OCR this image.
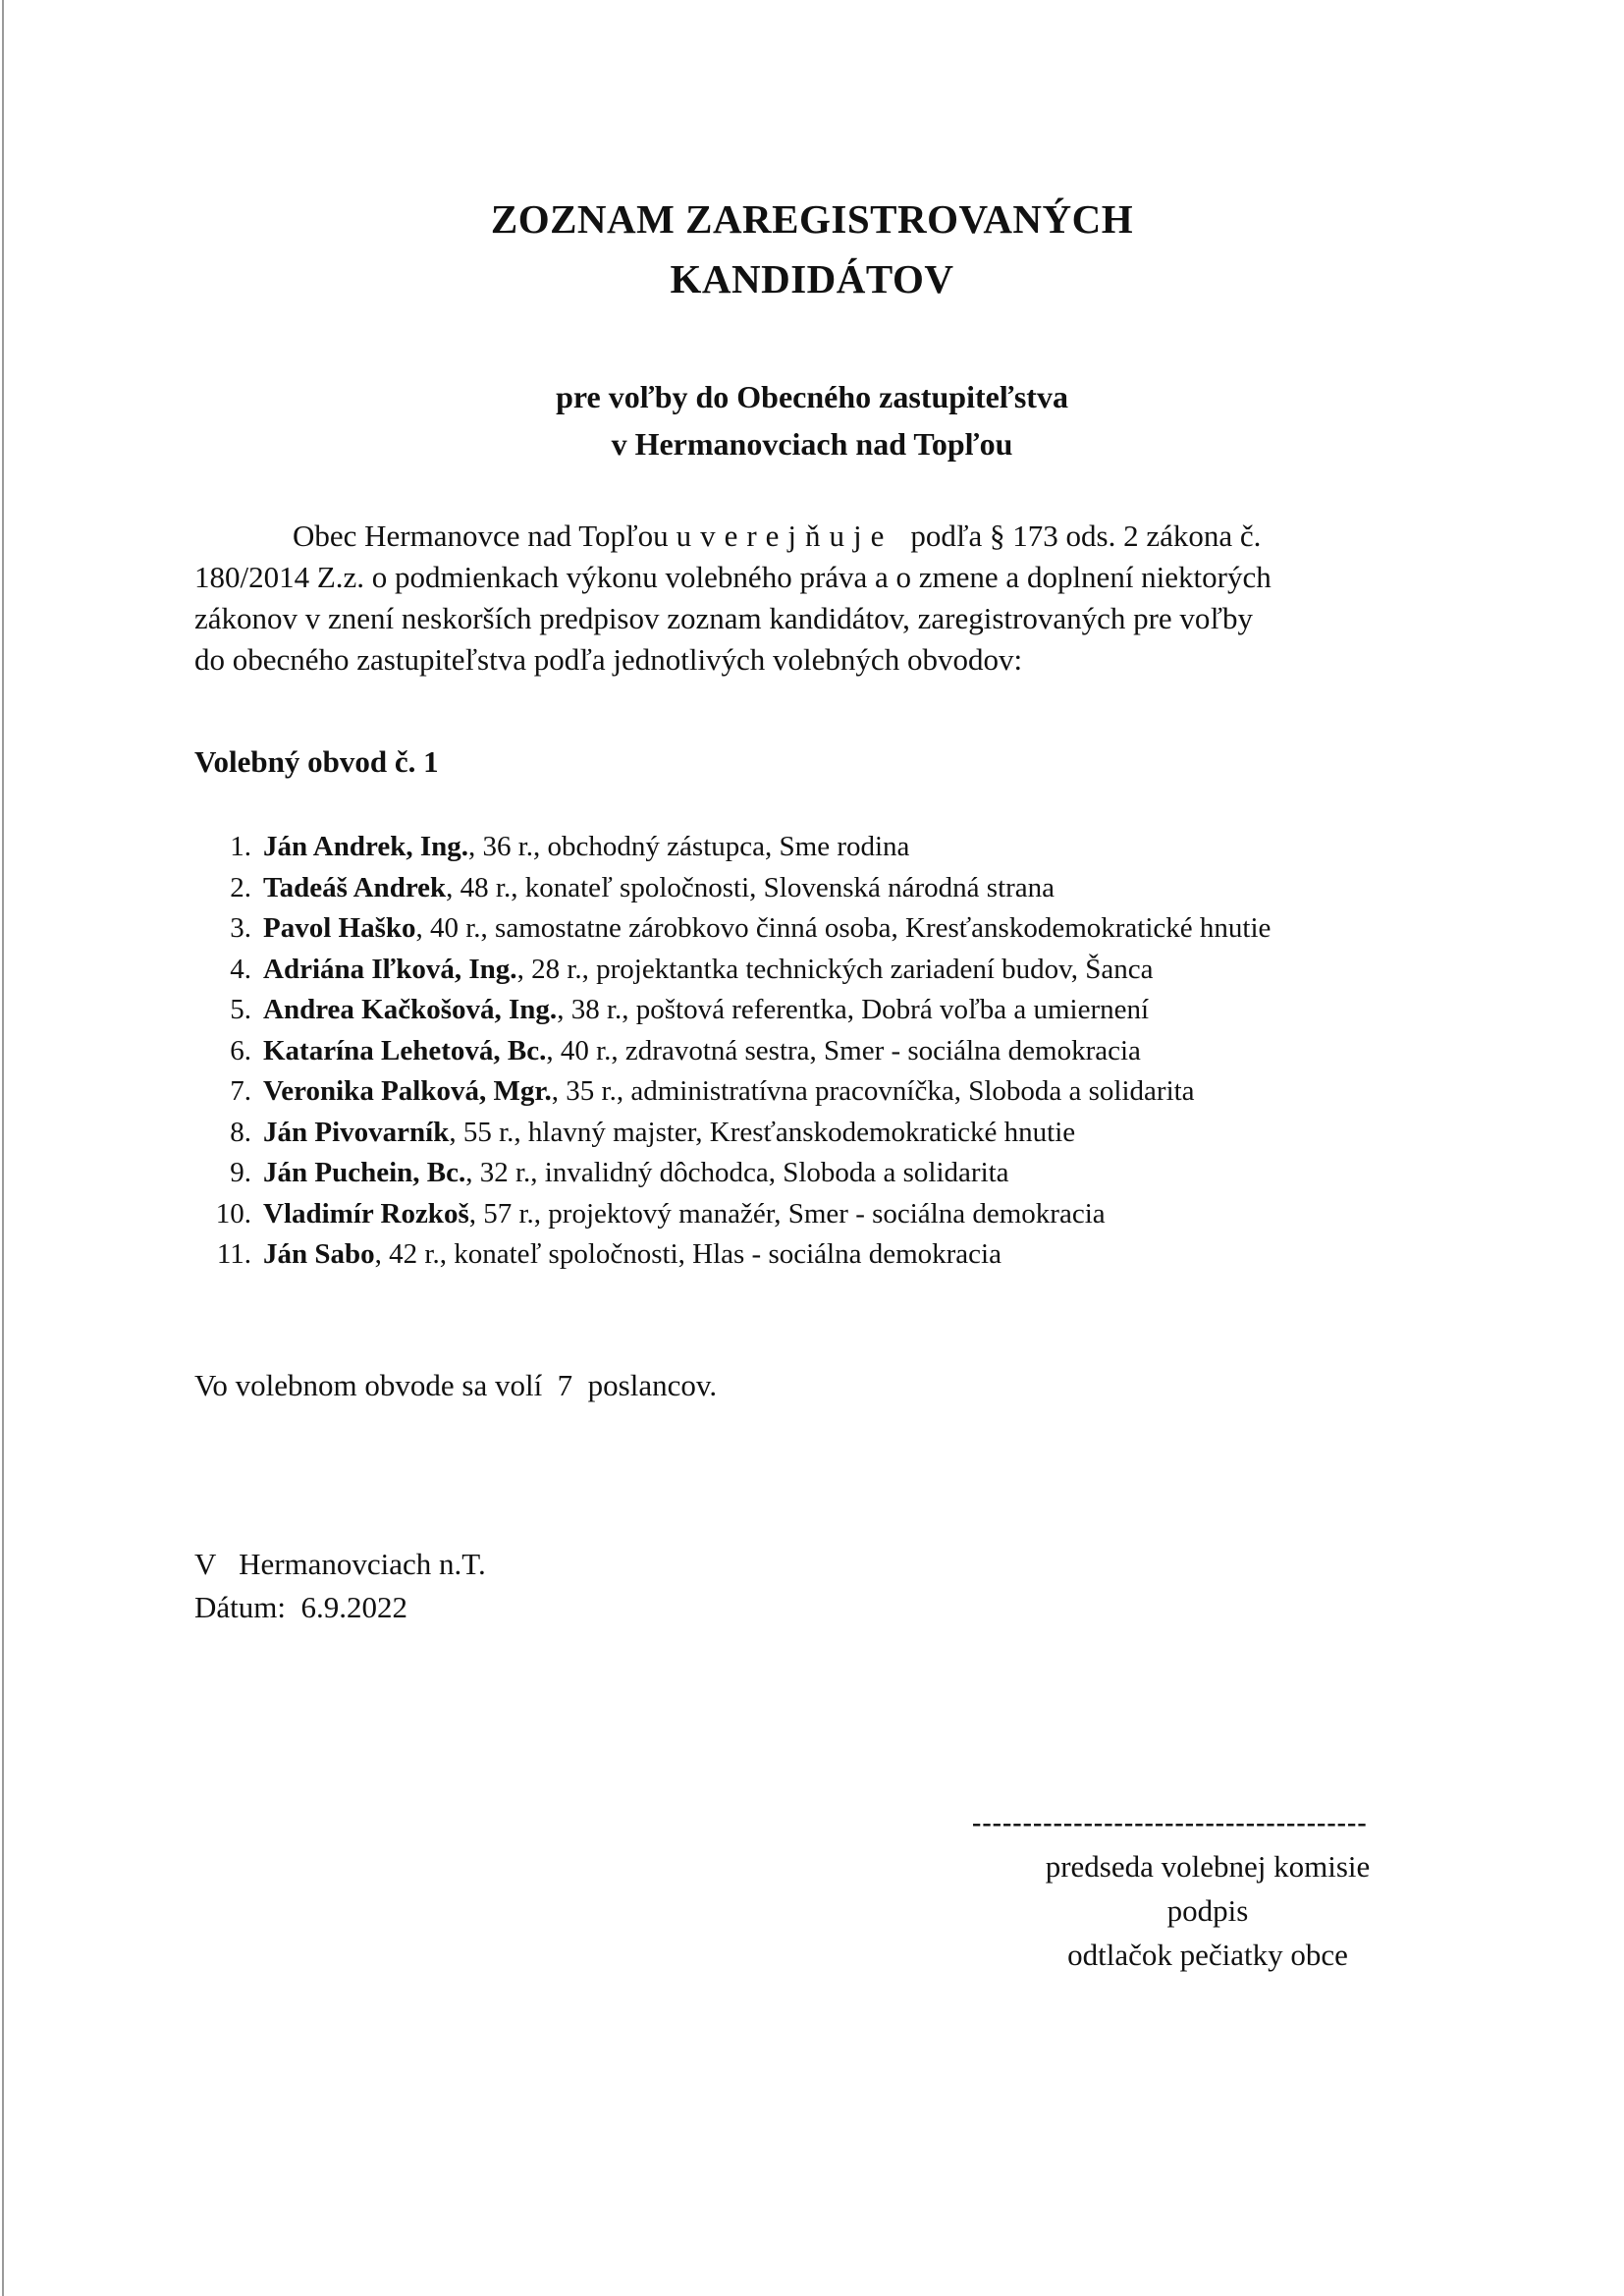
ZOZNAM ZAREGISTROVANÝCH
KANDIDÁTOV
pre voľby do Obecného zastupiteľstva
v Hermanovciach nad Topľou
Obec Hermanovce nad Topľou uverejňuje podľa § 173 ods. 2 zákona č.
180/2014 Z.z. o podmienkach výkonu volebného práva a o zmene a doplnení niektorých
zákonov v znení neskorších predpisov zoznam kandidátov, zaregistrovaných pre voľby
do obecného zastupiteľstva podľa jednotlivých volebných obvodov:
Volebný obvod č. 1
1. Ján Andrek, Ing., 36 r., obchodný zástupca, Sme rodina
2. Tadeáš Andrek, 48 r., konateľ spoločnosti, Slovenská národná strana
3. Pavol Haško, 40 r., samostatne zárobkovo činná osoba, Kresťanskodemokratické hnutie
4. Adriána Iľková, Ing., 28 r., projektantka technických zariadení budov, Šanca
5. Andrea Kačkošová, Ing., 38 r., poštová referentka, Dobrá voľba a umiernení
6. Katarína Lehetová, Bc., 40 r., zdravotná sestra, Smer - sociálna demokracia
7. Veronika Palková, Mgr., 35 r., administratívna pracovníčka, Sloboda a solidarita
8. Ján Pivovarník, 55 r., hlavný majster, Kresťanskodemokratické hnutie
9. Ján Puchein, Bc., 32 r., invalidný dôchodca, Sloboda a solidarita
10. Vladimír Rozkoš, 57 r., projektový manažér, Smer - sociálna demokracia
11. Ján Sabo, 42 r., konateľ spoločnosti, Hlas - sociálna demokracia
Vo volebnom obvode sa volí  7  poslancov.
V   Hermanovciach n.T.
Dátum:  6.9.2022
---------------------------------------
predseda volebnej komisie
podpis
odtlačok pečiatky obce
